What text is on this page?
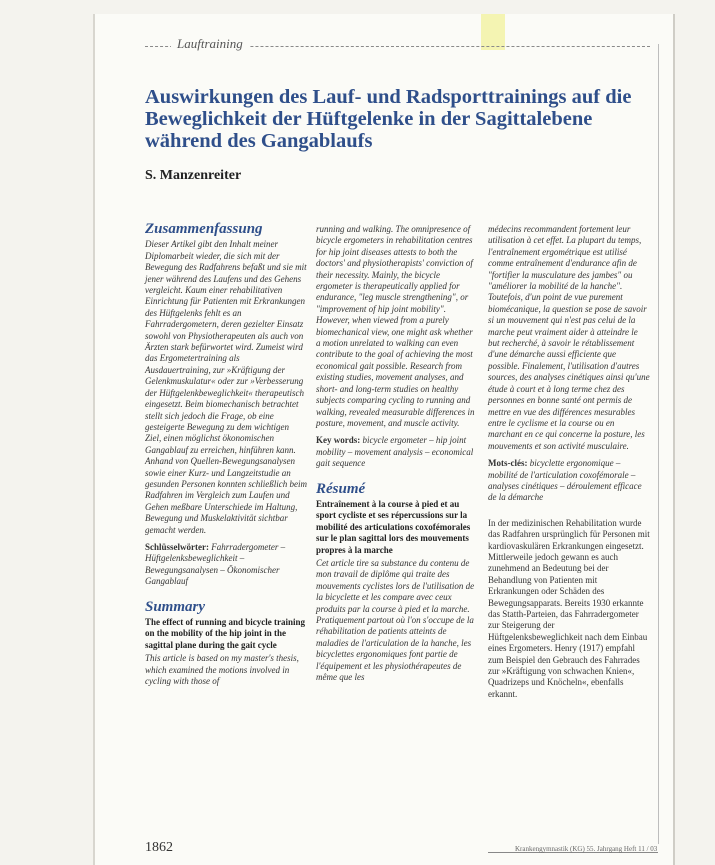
Lauftraining
Auswirkungen des Lauf- und Radsporttrainings auf die Beweglichkeit der Hüftgelenke in der Sagittalebene während des Gangablaufs

S. Manzenreiter

Zusammenfassung

Dieser Artikel gibt den Inhalt meiner Diplomarbeit wieder, die sich mit der Bewegung des Radfahrens befaßt und sie mit jener während des Laufens und des Gehens vergleicht. Kaum einer rehabilitativen Einrichtung für Patienten mit Erkrankungen des Hüftgelenks fehlt es an Fahrradergometern, deren gezielter Einsatz sowohl von Physiotherapeuten als auch von Ärzten stark befürwortet wird. Zumeist wird das Ergometertraining als Ausdauertraining, zur »Kräftigung der Gelenkmuskulatur« oder zur »Verbesserung der Hüftgelenkbeweglichkeit« therapeutisch eingesetzt. Beim biomechanisch betrachtet stellt sich jedoch die Frage, ob eine gesteigerte Bewegung zu dem wichtigen Ziel, einen möglichst ökonomischen Gangablauf zu erreichen, hinführen kann. Anhand von Quellen-Bewegungsanalysen sowie einer Kurz- und Langzeitstudie an gesunden Personen konnten schließlich beim Radfahren im Vergleich zum Laufen und Gehen meßbare Unterschiede im Haltung, Bewegung und Muskelaktivität sichtbar gemacht werden.

Schlüsselwörter: Fahrradergometer – Hüftgelenksbeweglichkeit – Bewegungsanalysen – Ökonomischer Gangablauf

Summary

The effect of running and bicycle training on the mobility of the hip joint in the sagittal plane during the gait cycle

This article is based on my master's thesis, which examined the motions involved in cycling with those of

running and walking. The omnipresence of bicycle ergometers in rehabilitation centres for hip joint diseases attests to both the doctors' and physiotherapists' conviction of their necessity. Mainly, the bicycle ergometer is therapeutically applied for endurance, "leg muscle strengthening", or "improvement of hip joint mobility". However, when viewed from a purely biomechanical view, one might ask whether a motion unrelated to walking can even contribute to the goal of achieving the most economical gait possible. Research from existing studies, movement analyses, and short- and long-term studies on healthy subjects comparing cycling to running and walking, revealed measurable differences in posture, movement, and muscle activity.

Key words: bicycle ergometer – hip joint mobility – movement analysis – economical gait sequence

Résumé

Entraînement à la course à pied et au sport cycliste et ses répercussions sur la mobilité des articulations coxofémorales sur le plan sagittal lors des mouvements propres à la marche

Cet article tire sa substance du contenu de mon travail de diplôme qui traite des mouvements cyclistes lors de l'utilisation de la bicyclette et les compare avec ceux produits par la course à pied et la marche. Pratiquement partout où l'on s'occupe de la réhabilitation de patients atteints de maladies de l'articulation de la hanche, les bicyclettes ergonomiques font partie de l'équipement et les physiothérapeutes de même que les

médecins recommandent fortement leur utilisation à cet effet. La plupart du temps, l'entraînement ergométrique est utilisé comme entraînement d'endurance afin de "fortifier la musculature des jambes" ou "améliorer la mobilité de la hanche". Toutefois, d'un point de vue purement biomécanique, la question se pose de savoir si un mouvement qui n'est pas celui de la marche peut vraiment aider à atteindre le but recherché, à savoir le rétablissement d'une démarche aussi efficiente que possible. Finalement, l'utilisation d'autres sources, des analyses cinétiques ainsi qu'une étude à court et à long terme chez des personnes en bonne santé ont permis de mettre en vue des différences mesurables entre le cyclisme et la course ou en marchant en ce qui concerne la posture, les mouvements et son activité musculaire.

Mots-clés: bicyclette ergonomique – mobilité de l'articulation coxofémorale – analyses cinétiques – déroulement efficace de la démarche

In der medizinischen Rehabilitation wurde das Radfahren ursprünglich für Personen mit kardiovaskulären Erkrankungen eingesetzt. Mittlerweile jedoch gewann es auch zunehmend an Bedeutung bei der Behandlung von Patienten mit Erkrankungen oder Schäden des Bewegungsapparats. Bereits 1930 erkannte das Statth-Parteien, das Fahrradergometer zur Steigerung der Hüftgelenksbeweglichkeit nach dem Einbau eines Ergometers. Henry (1917) empfahl zum Beispiel den Gebrauch des Fahrrades zur »Kräftigung von schwachen Knien«, Quadrizeps und Knöcheln«, ebenfalls erkannt.

1862	Krankengymnastik (KG) 55. Jahrgang Heft 11 / 03
